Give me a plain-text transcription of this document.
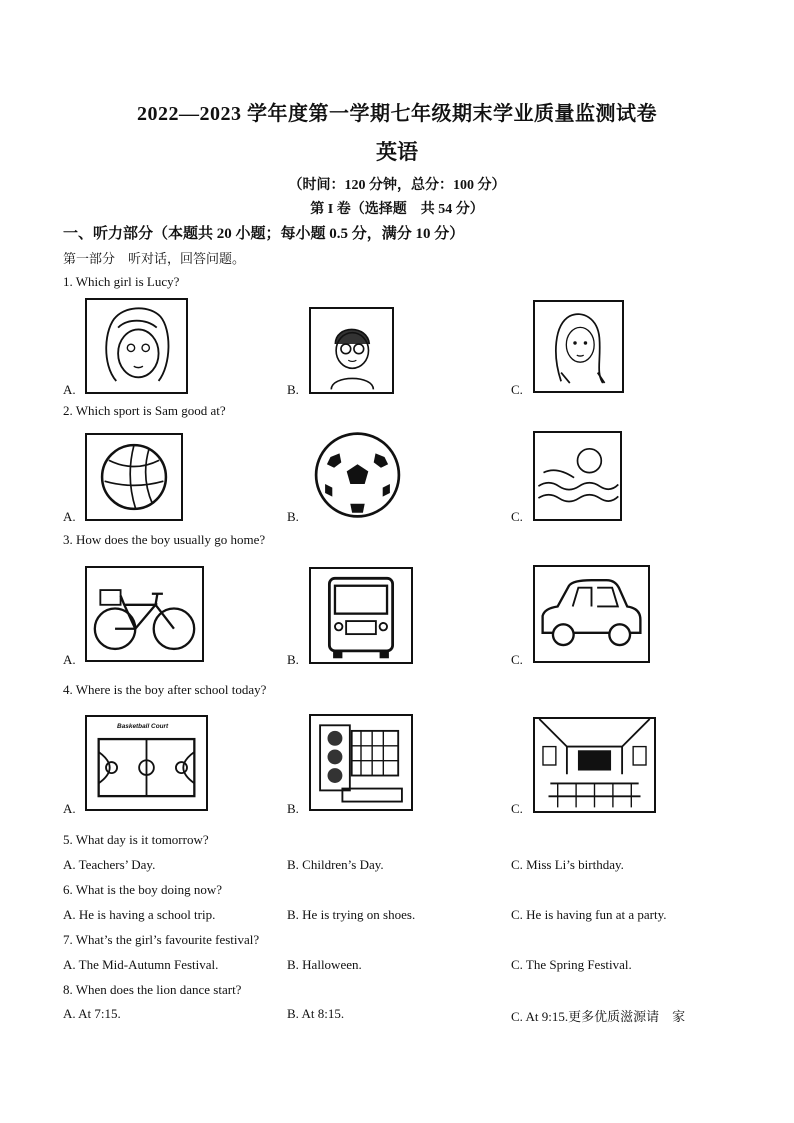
2022—2023 学年度第一学期七年级期末学业质量监测试卷
英语
（时间：120 分钟，总分：100 分）
第 I 卷（选择题　共 54 分）
一、听力部分（本题共 20 小题；每小题 0.5 分，满分 10 分）
第一部分　听对话，回答问题。
1. Which girl is Lucy?
A.	B.	C.
2. Which sport is Sam good at?
A.	B.	C.
3. How does the boy usually go home?
A.	B.	C.
4. Where is the boy after school today?
A.
Basketball Court
B.	C.
5. What day is it tomorrow?
A. Teachers’ Day.	B. Children’s Day.	C. Miss Li’s birthday.
6. What is the boy doing now?
A. He is having a school trip.	B. He is trying on shoes.	C. He is having fun at a party.
7. What’s the girl’s favourite festival?
A. The Mid-Autumn Festival.	B. Halloween.	C. The Spring Festival.
8. When does the lion dance start?
A. At 7:15.	B. At 8:15.	C. At 9:15.更多优质滋源请　家
